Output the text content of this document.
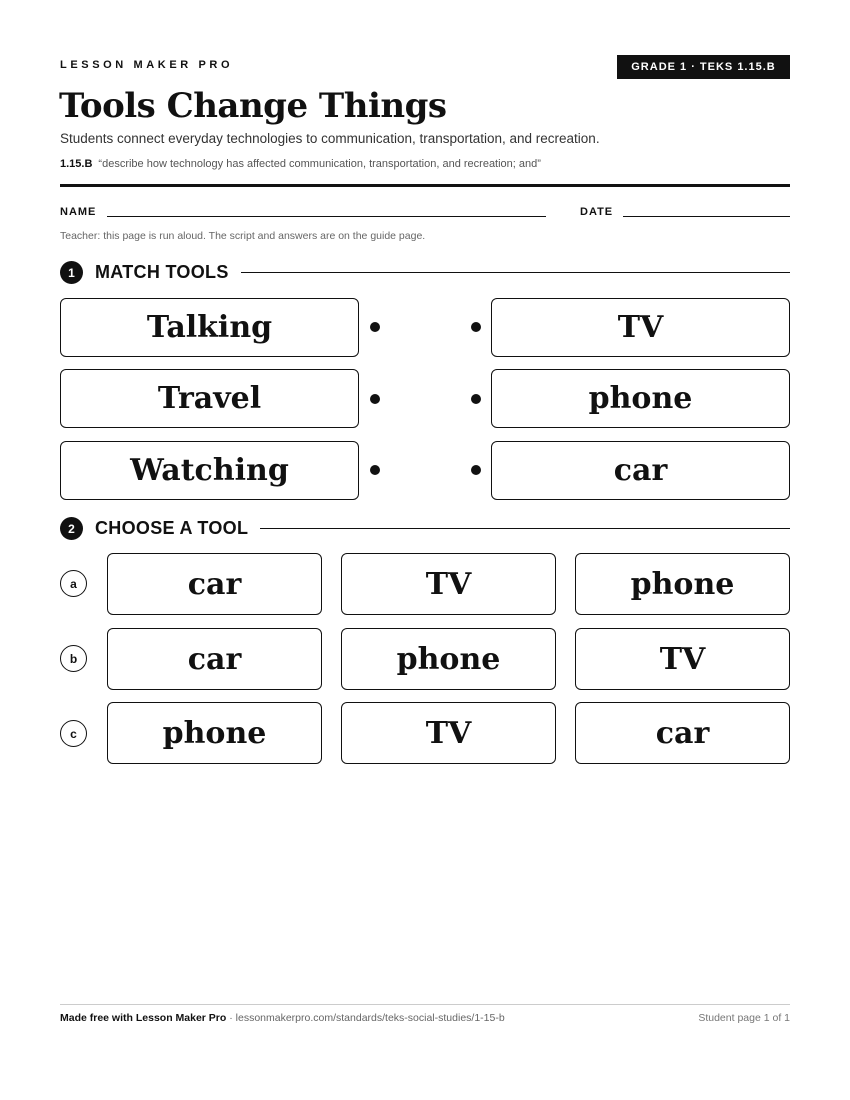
LESSON MAKER PRO	GRADE 1 · TEKS 1.15.B
Tools Change Things
Students connect everyday technologies to communication, transportation, and recreation.
1.15.B “describe how technology has affected communication, transportation, and recreation; and”
NAME	DATE
Teacher: this page is run aloud. The script and answers are on the guide page.
1	MATCH TOOLS
Talking	TV
Travel	phone
Watching	car
2	CHOOSE A TOOL
a	car	TV	phone
b	car	phone	TV
c	phone	TV	car
Made free with Lesson Maker Pro · lessonmakerpro.com/standards/teks-social-studies/1-15-b	Student page 1 of 1
